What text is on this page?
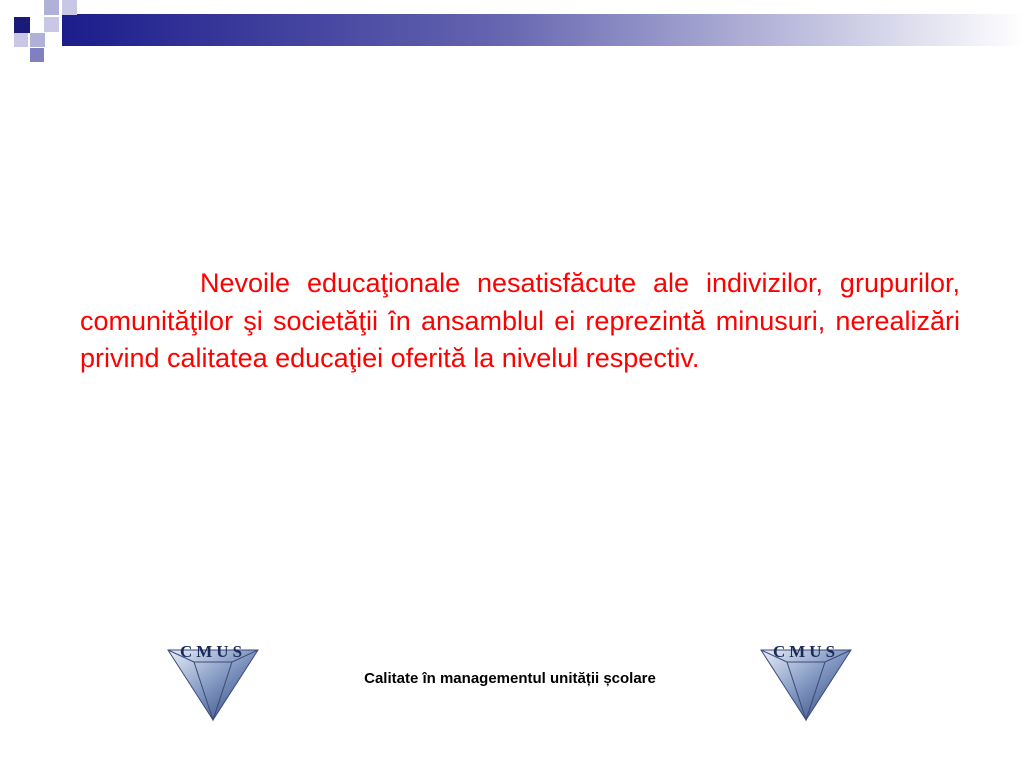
Nevoile educaţionale nesatisfăcute ale indivizilor, grupurilor, comunităţilor şi societăţii în ansamblul ei reprezintă minusuri, nerealizări privind calitatea educaţiei oferită la nivelul respectiv.

CMUS
Calitate în managementul unității școlare
CMUS
